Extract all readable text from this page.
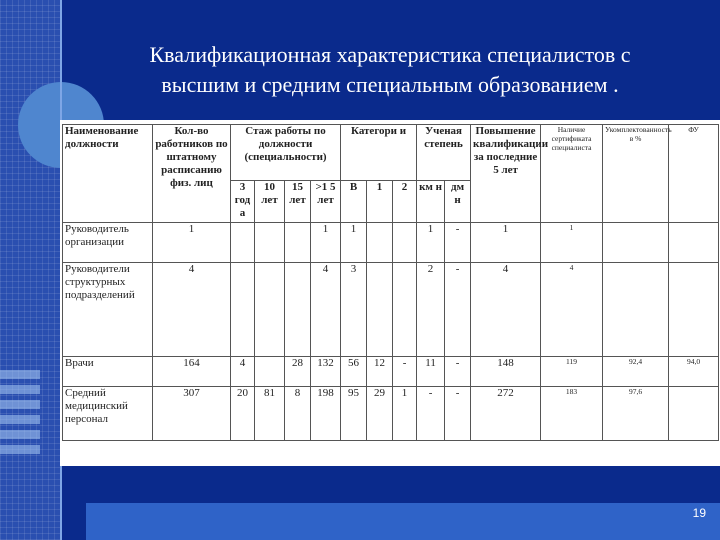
Квалификационная характеристика специалистов с
высшим и средним специальным образованием .
Наименование должности	Кол-во работников по штатному расписанию физ. лиц	Стаж работы по должности (специальности)				Категори и			Ученая степень		Повышение квалификации за последние 5 лет	Наличие сертификата специалиста	Укомплектованность в %	ФУ
		3 год а	10 лет	15 лет	>1 5 лет	В	1	2	км н	дм н				
Руководитель организации	1				1	1			1	-	1	1		
Руководители структурных подразделений	4				4	3			2	-	4	4		
Врачи	164	4		28	132	56	12	-	11	-	148	119	92,4	94,0
Средний медицинский персонал	307	20	81	8	198	95	29	1	-	-	272	183	97,6	
19
